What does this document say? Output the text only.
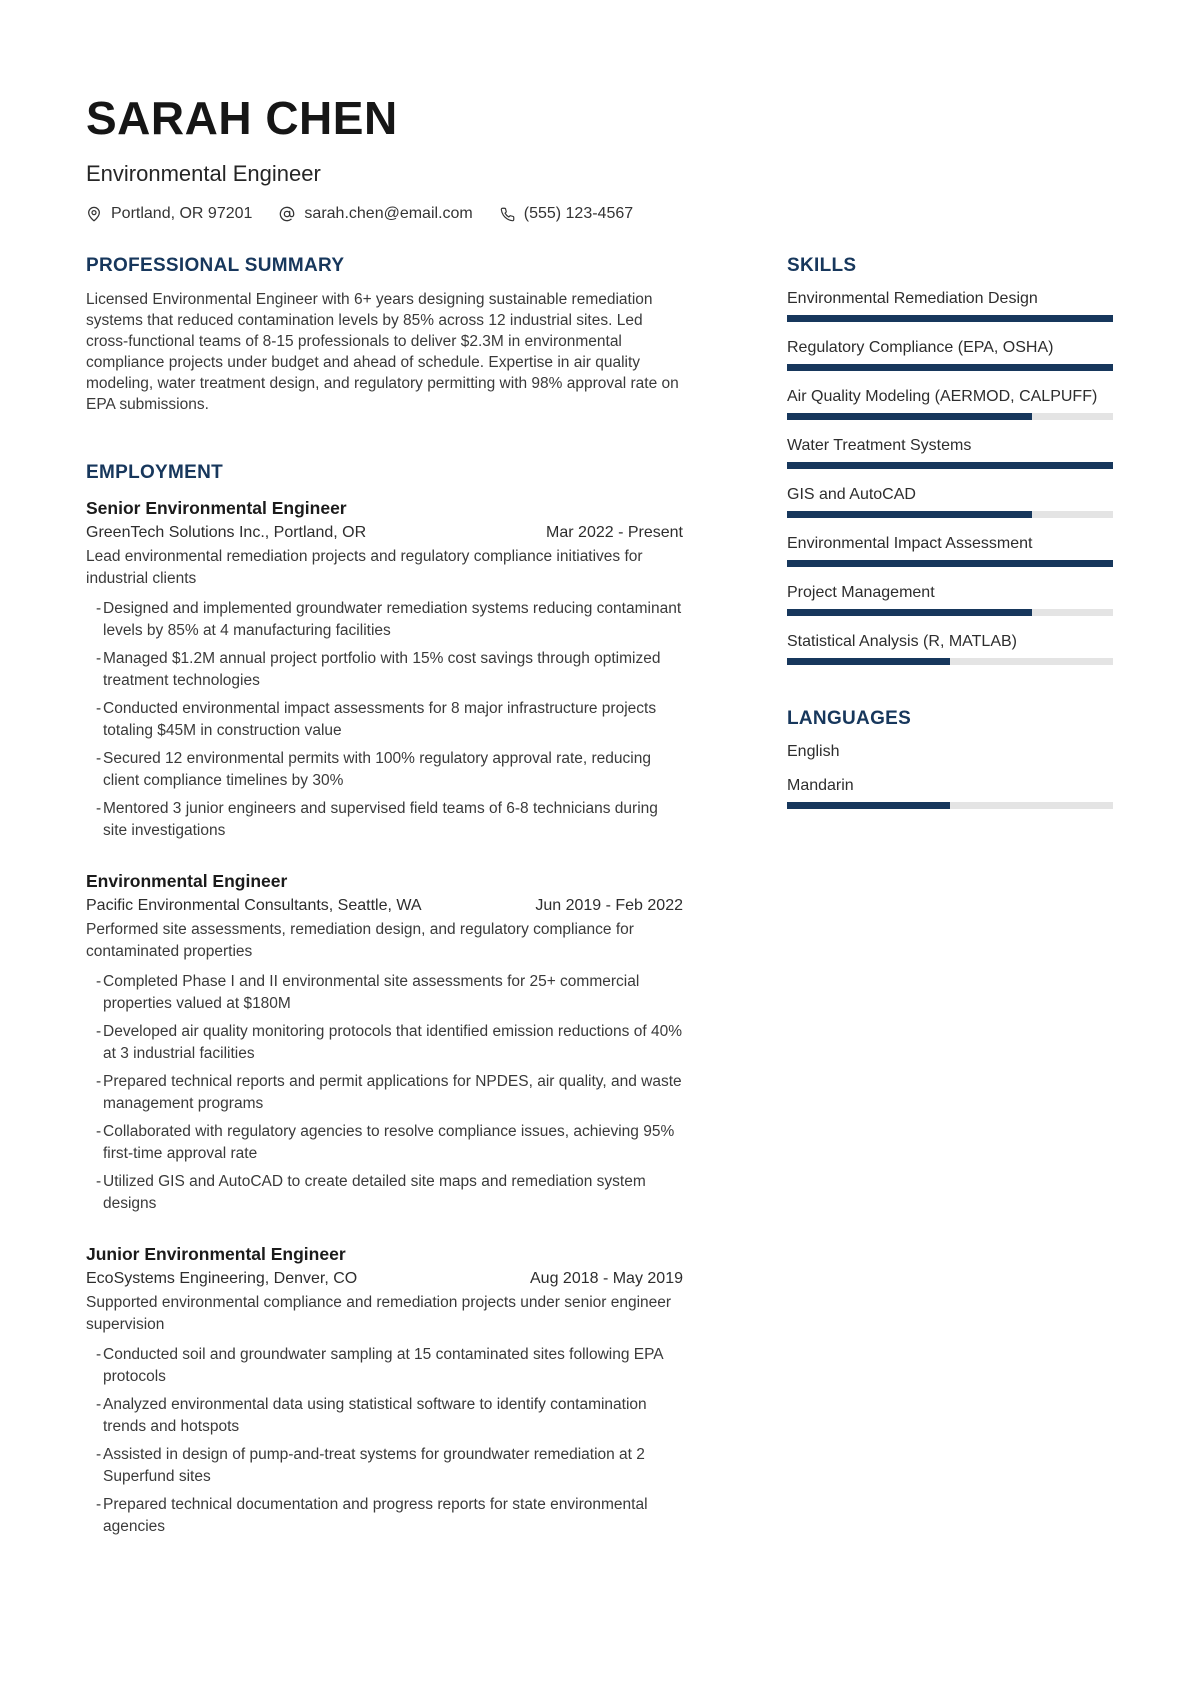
SARAH CHEN
Environmental Engineer
Portland, OR 97201	sarah.chen@email.com	(555) 123-4567
PROFESSIONAL SUMMARY

Licensed Environmental Engineer with 6+ years designing sustainable remediation systems that reduced contamination levels by 85% across 12 industrial sites. Led cross-functional teams of 8-15 professionals to deliver $2.3M in environmental compliance projects under budget and ahead of schedule. Expertise in air quality modeling, water treatment design, and regulatory permitting with 98% approval rate on EPA submissions.

EMPLOYMENT
Senior Environmental Engineer
GreenTech Solutions Inc., Portland, OR	Mar 2022 - Present
Lead environmental remediation projects and regulatory compliance initiatives for industrial clients
- Designed and implemented groundwater remediation systems reducing contaminant levels by 85% at 4 manufacturing facilities
- Managed $1.2M annual project portfolio with 15% cost savings through optimized treatment technologies
- Conducted environmental impact assessments for 8 major infrastructure projects totaling $45M in construction value
- Secured 12 environmental permits with 100% regulatory approval rate, reducing client compliance timelines by 30%
- Mentored 3 junior engineers and supervised field teams of 6-8 technicians during site investigations
Environmental Engineer
Pacific Environmental Consultants, Seattle, WA	Jun 2019 - Feb 2022
Performed site assessments, remediation design, and regulatory compliance for contaminated properties
- Completed Phase I and II environmental site assessments for 25+ commercial properties valued at $180M
- Developed air quality monitoring protocols that identified emission reductions of 40% at 3 industrial facilities
- Prepared technical reports and permit applications for NPDES, air quality, and waste management programs
- Collaborated with regulatory agencies to resolve compliance issues, achieving 95% first-time approval rate
- Utilized GIS and AutoCAD to create detailed site maps and remediation system designs
Junior Environmental Engineer
EcoSystems Engineering, Denver, CO	Aug 2018 - May 2019
Supported environmental compliance and remediation projects under senior engineer supervision
- Conducted soil and groundwater sampling at 15 contaminated sites following EPA protocols
- Analyzed environmental data using statistical software to identify contamination trends and hotspots
- Assisted in design of pump-and-treat systems for groundwater remediation at 2 Superfund sites
- Prepared technical documentation and progress reports for state environmental agencies
SKILLS
Environmental Remediation Design
Regulatory Compliance (EPA, OSHA)
Air Quality Modeling (AERMOD, CALPUFF)
Water Treatment Systems
GIS and AutoCAD
Environmental Impact Assessment
Project Management
Statistical Analysis (R, MATLAB)
LANGUAGES
English
Mandarin
